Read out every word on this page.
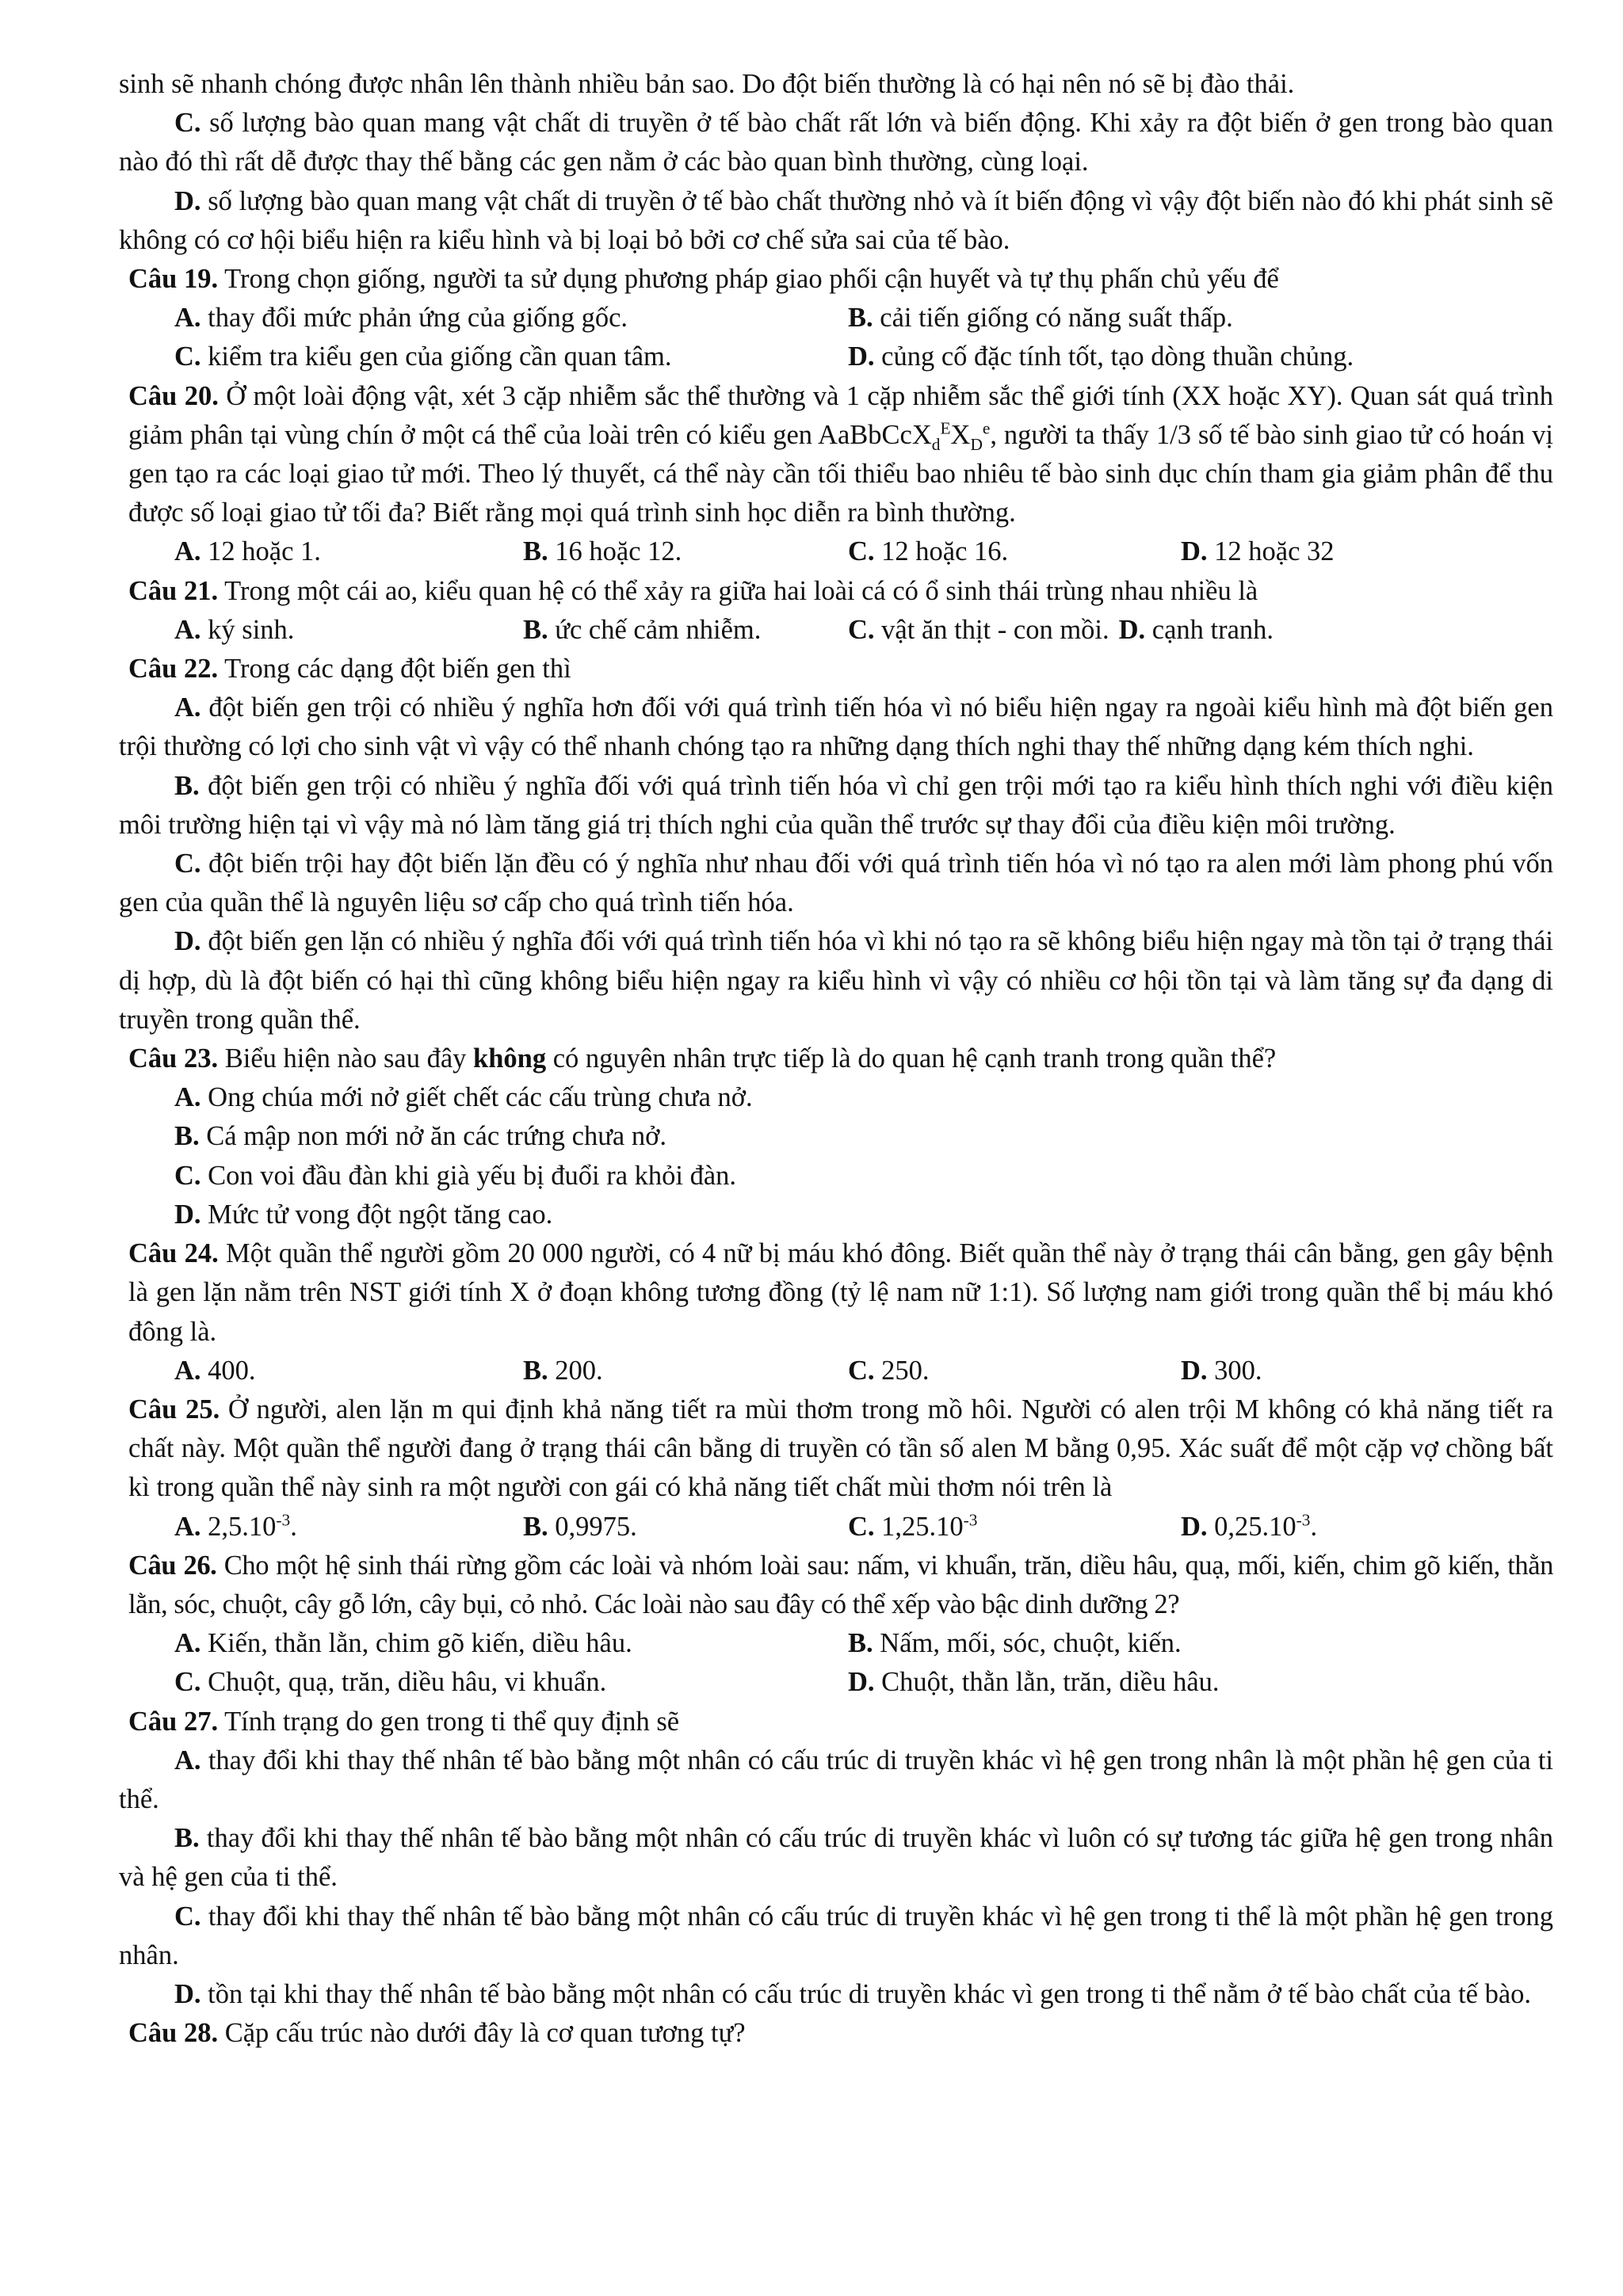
sinh sẽ nhanh chóng được nhân lên thành nhiều bản sao. Do đột biến thường là có hại nên nó sẽ bị đào thải.

C. số lượng bào quan mang vật chất di truyền ở tế bào chất rất lớn và biến động. Khi xảy ra đột biến ở gen trong bào quan nào đó thì rất dễ được thay thế bằng các gen nằm ở các bào quan bình thường, cùng loại.

D. số lượng bào quan mang vật chất di truyền ở tế bào chất thường nhỏ và ít biến động vì vậy đột biến nào đó khi phát sinh sẽ không có cơ hội biểu hiện ra kiểu hình và bị loại bỏ bởi cơ chế sửa sai của tế bào.

Câu 19. Trong chọn giống, người ta sử dụng phương pháp giao phối cận huyết và tự thụ phấn chủ yếu để

A. thay đổi mức phản ứng của giống gốc.	B. cải tiến giống có năng suất thấp.
C. kiểm tra kiểu gen của giống cần quan tâm.	D. củng cố đặc tính tốt, tạo dòng thuần chủng.

Câu 20. Ở một loài động vật, xét 3 cặp nhiễm sắc thể thường và 1 cặp nhiễm sắc thể giới tính (XX hoặc XY). Quan sát quá trình giảm phân tại vùng chín ở một cá thể của loài trên có kiểu gen $AaBbCcX_d^EX_D^e$, người ta thấy 1/3 số tế bào sinh giao tử có hoán vị gen tạo ra các loại giao tử mới. Theo lý thuyết, cá thể này cần tối thiểu bao nhiêu tế bào sinh dục chín tham gia giảm phân để thu được số loại giao tử tối đa? Biết rằng mọi quá trình sinh học diễn ra bình thường.

A. 12 hoặc 1.	B. 16 hoặc 12.	C. 12 hoặc 16.	D. 12 hoặc 32

Câu 21. Trong một cái ao, kiểu quan hệ có thể xảy ra giữa hai loài cá có ổ sinh thái trùng nhau nhiều là

A. ký sinh.	B. ức chế cảm nhiễm.	C. vật ăn thịt - con mồi. D. cạnh tranh.

Câu 22. Trong các dạng đột biến gen thì

A. đột biến gen trội có nhiều ý nghĩa hơn đối với quá trình tiến hóa vì nó biểu hiện ngay ra ngoài kiểu hình mà đột biến gen trội thường có lợi cho sinh vật vì vậy có thể nhanh chóng tạo ra những dạng thích nghi thay thế những dạng kém thích nghi.

B. đột biến gen trội có nhiều ý nghĩa đối với quá trình tiến hóa vì chỉ gen trội mới tạo ra kiểu hình thích nghi với điều kiện môi trường hiện tại vì vậy mà nó làm tăng giá trị thích nghi của quần thể trước sự thay đổi của điều kiện môi trường.

C. đột biến trội hay đột biến lặn đều có ý nghĩa như nhau đối với quá trình tiến hóa vì nó tạo ra alen mới làm phong phú vốn gen của quần thể là nguyên liệu sơ cấp cho quá trình tiến hóa.

D. đột biến gen lặn có nhiều ý nghĩa đối với quá trình tiến hóa vì khi nó tạo ra sẽ không biểu hiện ngay mà tồn tại ở trạng thái dị hợp, dù là đột biến có hại thì cũng không biểu hiện ngay ra kiểu hình vì vậy có nhiều cơ hội tồn tại và làm tăng sự đa dạng di truyền trong quần thể.

Câu 23. Biểu hiện nào sau đây không có nguyên nhân trực tiếp là do quan hệ cạnh tranh trong quần thể?

A. Ong chúa mới nở giết chết các cấu trùng chưa nở.

B. Cá mập non mới nở ăn các trứng chưa nở.

C. Con voi đầu đàn khi già yếu bị đuổi ra khỏi đàn.

D. Mức tử vong đột ngột tăng cao.

Câu 24. Một quần thể người gồm 20 000 người, có 4 nữ bị máu khó đông. Biết quần thể này ở trạng thái cân bằng, gen gây bệnh là gen lặn nằm trên NST giới tính X ở đoạn không tương đồng (tỷ lệ nam nữ 1:1). Số lượng nam giới trong quần thể bị máu khó đông là.

A. 400.	B. 200.	C. 250.	D. 300.

Câu 25. Ở người, alen lặn m qui định khả năng tiết ra mùi thơm trong mồ hôi. Người có alen trội M không có khả năng tiết ra chất này. Một quần thể người đang ở trạng thái cân bằng di truyền có tần số alen M bằng 0,95. Xác suất để một cặp vợ chồng bất kì trong quần thể này sinh ra một người con gái có khả năng tiết chất mùi thơm nói trên là

A. $2,5.10^{-3}$.	B. 0,9975.	C. $1,25.10^{-3}$	D. $0,25.10^{-3}$.

Câu 26. Cho một hệ sinh thái rừng gồm các loài và nhóm loài sau: nấm, vi khuẩn, trăn, diều hâu, quạ, mối, kiến, chim gõ kiến, thằn lằn, sóc, chuột, cây gỗ lớn, cây bụi, cỏ nhỏ. Các loài nào sau đây có thể xếp vào bậc dinh dưỡng 2?

A. Kiến, thằn lằn, chim gõ kiến, diều hâu.	B. Nấm, mối, sóc, chuột, kiến.
C. Chuột, quạ, trăn, diều hâu, vi khuẩn.	D. Chuột, thằn lằn, trăn, diều hâu.

Câu 27. Tính trạng do gen trong ti thể quy định sẽ

A. thay đổi khi thay thế nhân tế bào bằng một nhân có cấu trúc di truyền khác vì hệ gen trong nhân là một phần hệ gen của ti thể.

B. thay đổi khi thay thế nhân tế bào bằng một nhân có cấu trúc di truyền khác vì luôn có sự tương tác giữa hệ gen trong nhân và hệ gen của ti thể.

C. thay đổi khi thay thế nhân tế bào bằng một nhân có cấu trúc di truyền khác vì hệ gen trong ti thể là một phần hệ gen trong nhân.

D. tồn tại khi thay thế nhân tế bào bằng một nhân có cấu trúc di truyền khác vì gen trong ti thể nằm ở tế bào chất của tế bào.

Câu 28. Cặp cấu trúc nào dưới đây là cơ quan tương tự?
